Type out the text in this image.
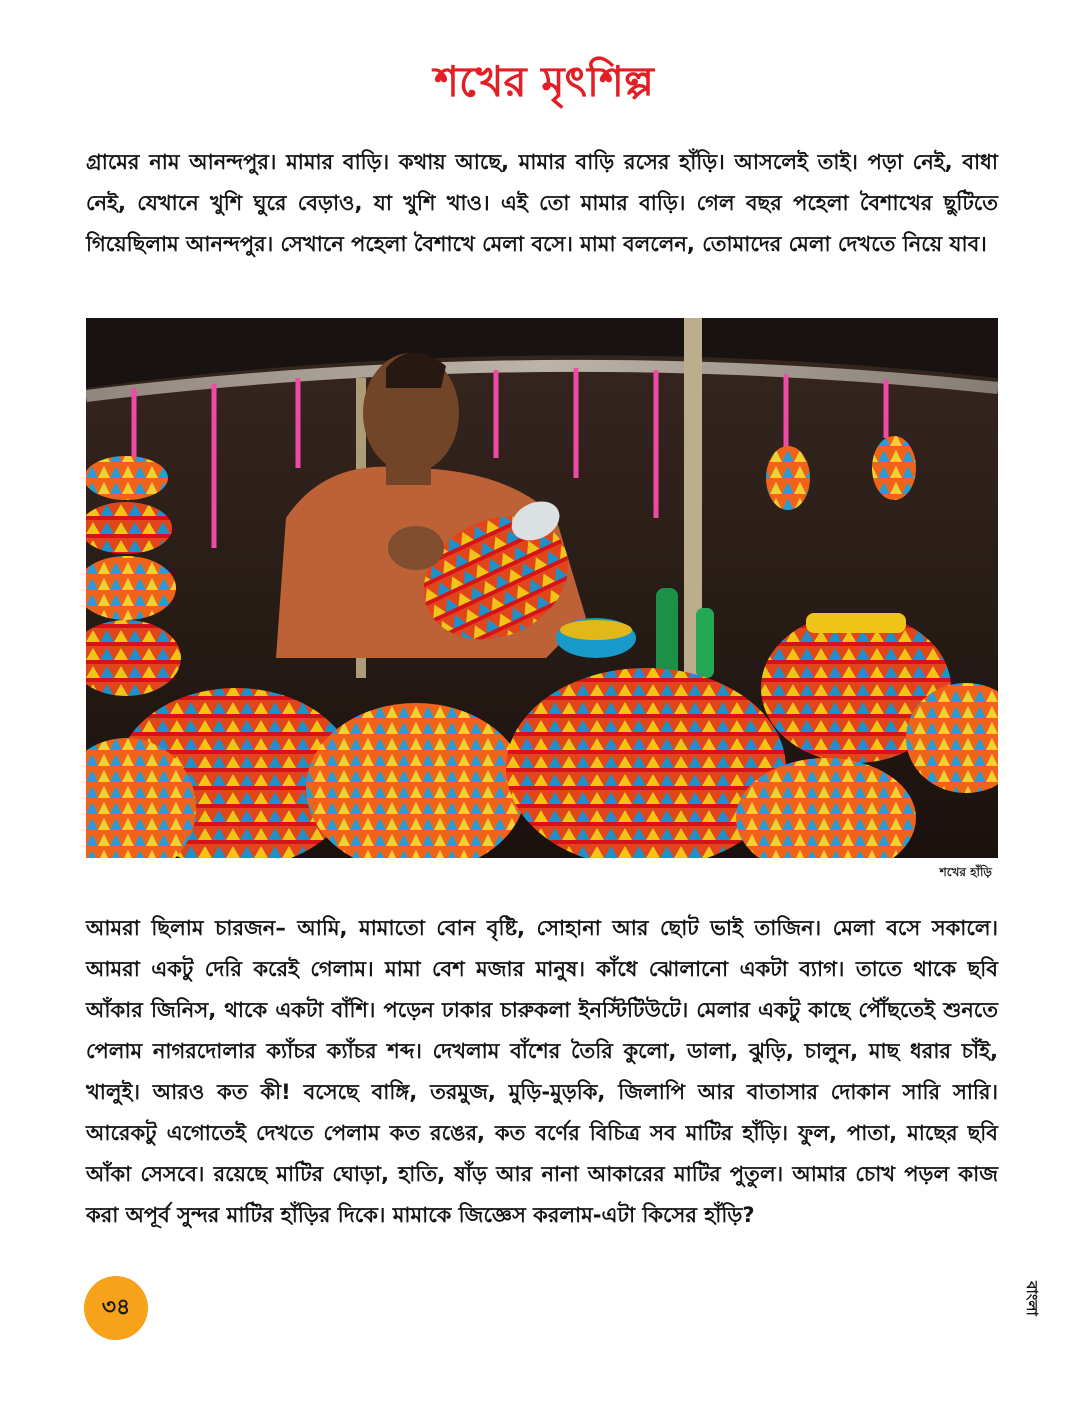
শখের মৃৎশিল্প

গ্রামের নাম আনন্দপুর। মামার বাড়ি। কথায় আছে, মামার বাড়ি রসের হাঁড়ি। আসলেই তাই। পড়া নেই, বাধা নেই, যেখানে খুশি ঘুরে বেড়াও, যা খুশি খাও। এই তো মামার বাড়ি। গেল বছর পহেলা বৈশাখের ছুটিতে গিয়েছিলাম আনন্দপুর। সেখানে পহেলা বৈশাখে মেলা বসে। মামা বললেন, তোমাদের মেলা দেখতে নিয়ে যাব।

শখের হাঁড়ি

আমরা ছিলাম চারজন– আমি, মামাতো বোন বৃষ্টি, সোহানা আর ছোট ভাই তাজিন। মেলা বসে সকালে। আমরা একটু দেরি করেই গেলাম। মামা বেশ মজার মানুষ। কাঁধে ঝোলানো একটা ব্যাগ। তাতে থাকে ছবি আঁকার জিনিস, থাকে একটা বাঁশি। পড়েন ঢাকার চারুকলা ইনস্টিটিউটে। মেলার একটু কাছে পৌঁছতেই শুনতে পেলাম নাগরদোলার ক্যাঁচর ক্যাঁচর শব্দ। দেখলাম বাঁশের তৈরি কুলো, ডালা, ঝুড়ি, চালুন, মাছ ধরার চাঁই, খালুই। আরও কত কী! বসেছে বাঙ্গি, তরমুজ, মুড়ি-মুড়কি, জিলাপি আর বাতাসার দোকান সারি সারি। আরেকটু এগোতেই দেখতে পেলাম কত রঙের, কত বর্ণের বিচিত্র সব মাটির হাঁড়ি। ফুল, পাতা, মাছের ছবি আঁকা সেসবে। রয়েছে মাটির ঘোড়া, হাতি, ষাঁড় আর নানা আকারের মাটির পুতুল। আমার চোখ পড়ল কাজ করা অপূর্ব সুন্দর মাটির হাঁড়ির দিকে। মামাকে জিজ্ঞেস করলাম-এটা কিসের হাঁড়ি?

৩৪	বাংলা
